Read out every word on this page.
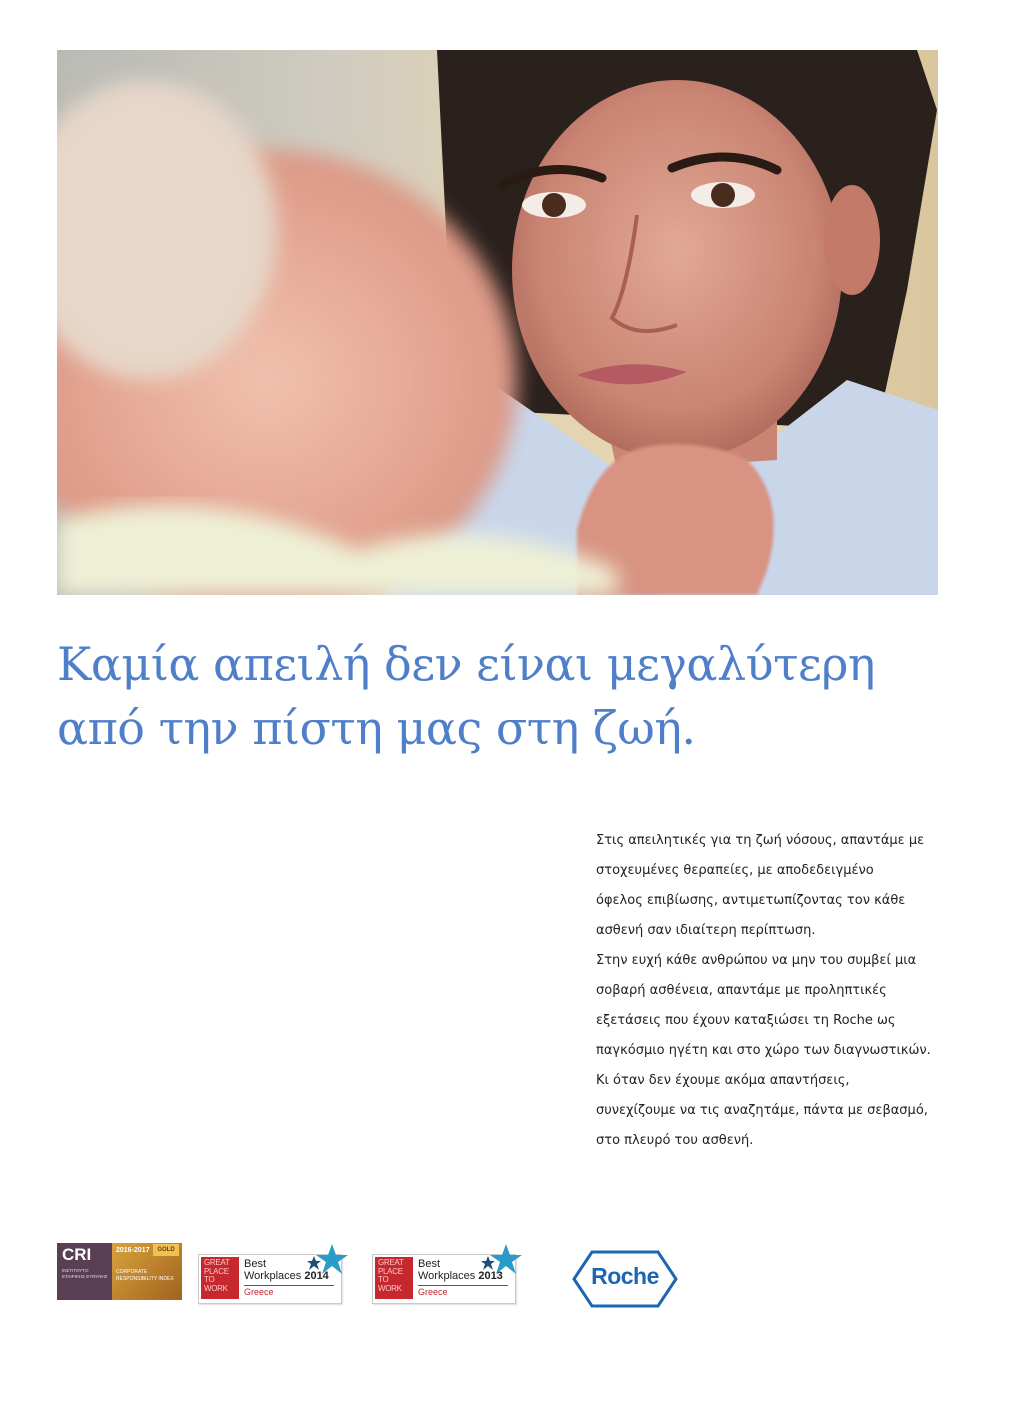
Καμία απειλή δεν είναι μεγαλύτερη
από την πίστη μας στη ζωή.
Στις απειλητικές για τη ζωή νόσους, απαντάμε με
στοχευμένες θεραπείες, με αποδεδειγμένο
όφελος επιβίωσης, αντιμετωπίζοντας τον κάθε
ασθενή σαν ιδιαίτερη περίπτωση.
Στην ευχή κάθε ανθρώπου να μην του συμβεί μια
σοβαρή ασθένεια, απαντάμε με προληπτικές
εξετάσεις που έχουν καταξιώσει τη Roche ως
παγκόσμιο ηγέτη και στο χώρο των διαγνωστικών.
Κι όταν δεν έχουμε ακόμα απαντήσεις,
συνεχίζουμε να τις αναζητάμε, πάντα με σεβασμό,
στο πλευρό του ασθενή.
CRI
ΙΝΣΤΙΤΟΥΤΟ ΕΤΑΙΡΙΚΗΣ ΕΥΘΥΝΗΣ
2016-2017	GOLD
CORPORATE RESPONSIBILITY INDEX
GREAT PLACE TO WORK
Best
Workplaces 2014
Greece
GREAT PLACE TO WORK
Best
Workplaces 2013
Greece
Roche
